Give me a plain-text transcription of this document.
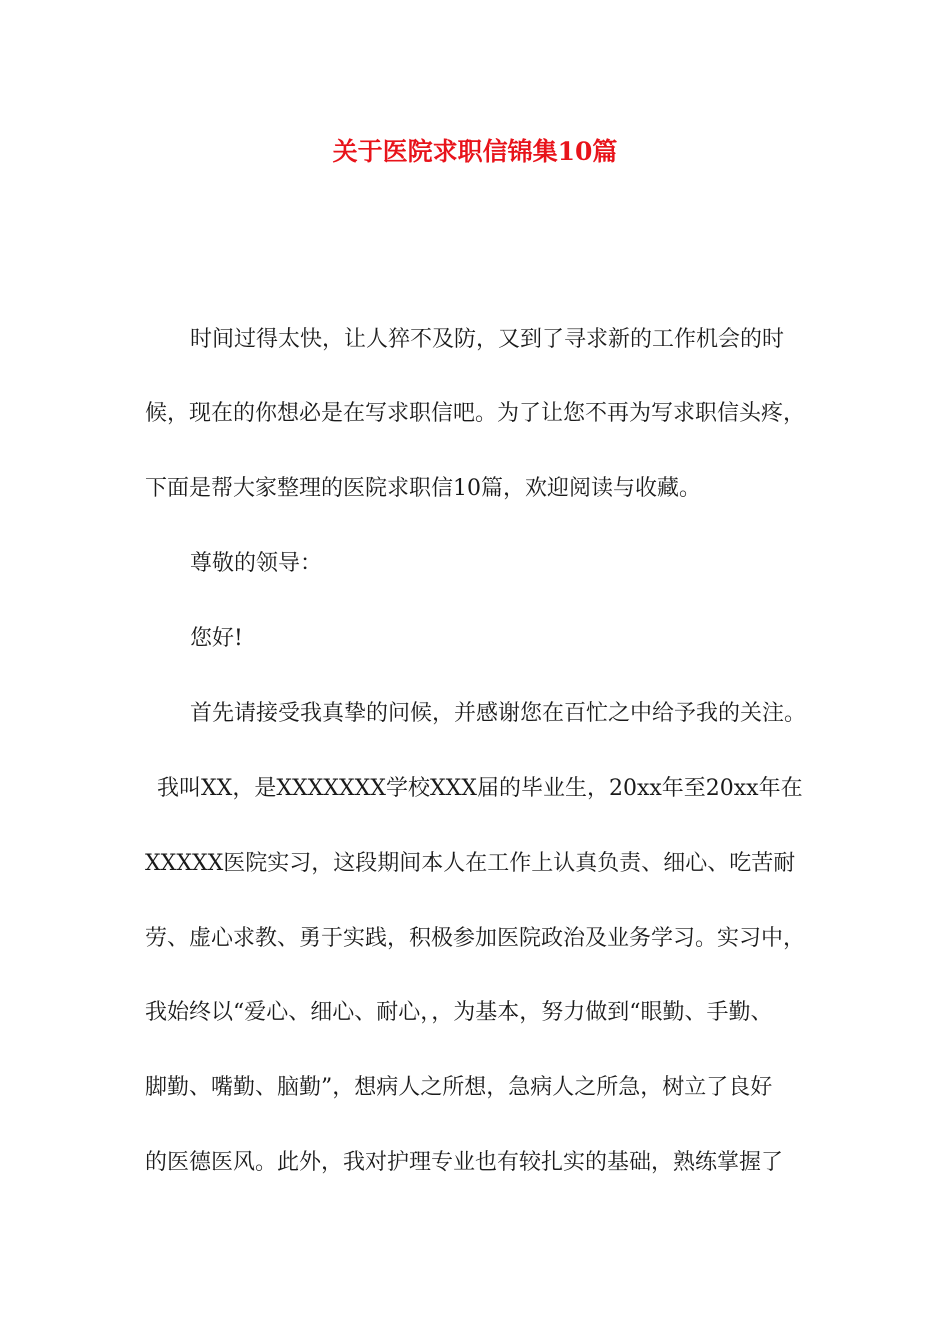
关于医院求职信锦集10篇

时间过得太快，让人猝不及防，又到了寻求新的工作机会的时

候，现在的你想必是在写求职信吧。为了让您不再为写求职信头疼，

下面是帮大家整理的医院求职信10篇，欢迎阅读与收藏。

尊敬的领导：

您好!

首先请接受我真挚的问候，并感谢您在百忙之中给予我的关注。

我叫XX，是XXXXXXX学校XXX届的毕业生，20xx年至20xx年在

XXXXX医院实习，这段期间本人在工作上认真负责、细心、吃苦耐

劳、虚心求教、勇于实践，积极参加医院政治及业务学习。实习中，

我始终以“爱心、细心、耐心，，为基本，努力做到“眼勤、手勤、

脚勤、嘴勤、脑勤”，想病人之所想，急病人之所急，树立了良好

的医德医风。此外，我对护理专业也有较扎实的基础，熟练掌握了
